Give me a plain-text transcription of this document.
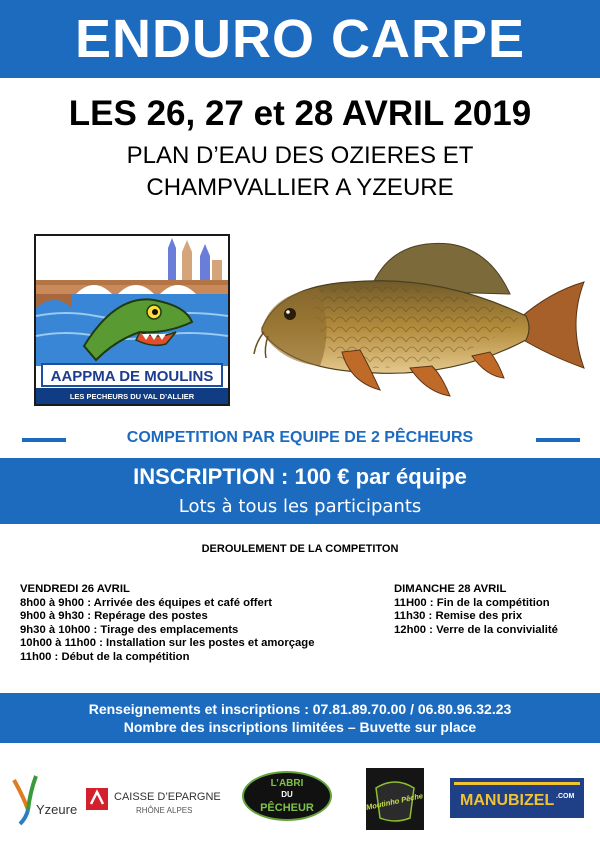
ENDURO CARPE
LES 26, 27 et 28 AVRIL 2019
PLAN D’EAU DES OZIERES ET
CHAMPVALLIER A YZEURE
AAPPMA DE MOULINS
LES PECHEURS DU VAL D’ALLIER
COMPETITION PAR EQUIPE DE 2 PÊCHEURS
INSCRIPTION : 100 € par équipe
Lots à tous les participants
DEROULEMENT DE LA COMPETITON
VENDREDI 26 AVRIL
8h00 à 9h00 : Arrivée des équipes et café offert
9h00 à 9h30 : Repérage des postes
9h30 à 10h00 : Tirage des emplacements
10h00 à 11h00 : Installation sur les postes et amorçage
11h00 : Début de la compétition
DIMANCHE 28 AVRIL
11H00 : Fin de la compétition
11h30 : Remise des prix
12h00 : Verre de la convivialité
Renseignements et inscriptions : 07.81.89.70.00 / 06.80.96.32.23
Nombre des inscriptions limitées – Buvette sur place
Yzeure
CAISSE D’EPARGNE
RHÔNE ALPES
L’ABRI
DU
PÊCHEUR	Moutinho Pêche MANUBIZEL .COM
